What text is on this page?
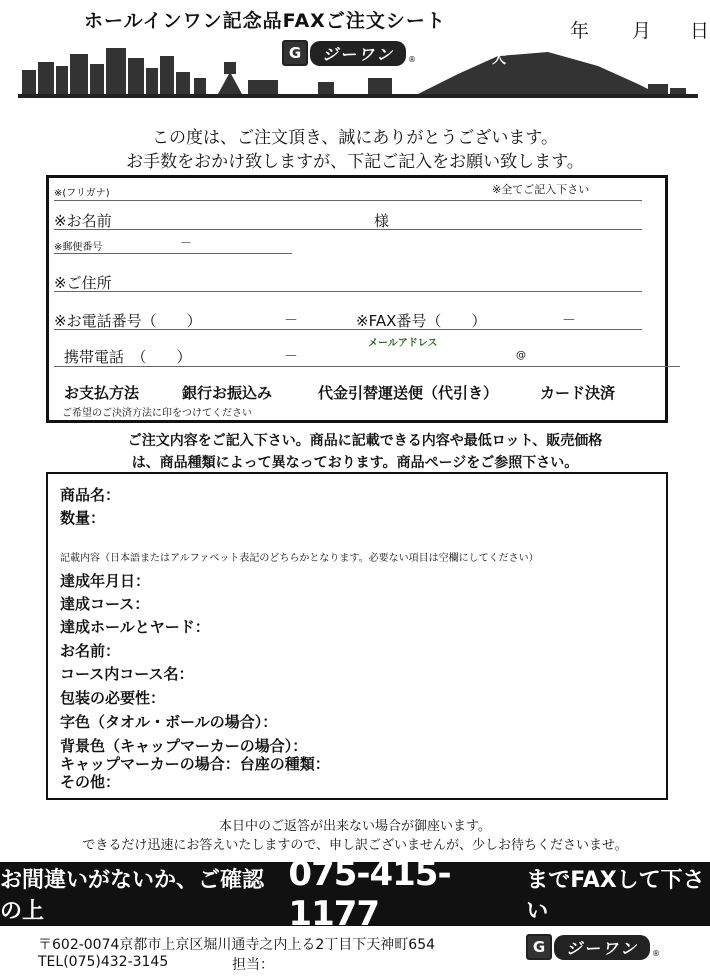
ホールインワン記念品FAXご注文シート	年 月 日
大
G	ジーワン	®
この度は、ご注文頂き、誠にありがとうございます。
お手数をおかけ致しますが、下記ご記入をお願い致します。
※(フリガナ)	※全てご記入下さい
※お名前	様
※郵便番号	－
※ご住所
※お電話番号（　　）	－	※FAX番号（　　）	－
メールアドレス
携帯電話　（　　）	－	@
お支払方法	銀行お振込み	代金引替運送便（代引き）	カード決済
ご希望のご決済方法に印をつけてください
ご注文内容をご記入下さい。商品に記載できる内容や最低ロット、販売価格
は、商品種類によって異なっております。商品ページをご参照下さい。
商品名：
数量：
記載内容（日本語またはアルファベット表記のどちらかとなります。必要ない項目は空欄にしてください）
達成年月日：
達成コース：
達成ホールとヤード：
お名前：
コース内コース名：
包装の必要性：
字色（タオル・ボールの場合）：
背景色（キャップマーカーの場合）：
キャップマーカーの場合：台座の種類：
その他：
本日中のご返答が出来ない場合が御座います。
できるだけ迅速にお答えいたしますので、申し訳ございませんが、少しお待ちくださいませ。
お間違いがないか、ご確認の上
075-415-1177
までFAXして下さい
〒602-0074京都市上京区堀川通寺之内上る2丁目下天神町654
TEL(075)432-3145	担当：
G	ジーワン	®
